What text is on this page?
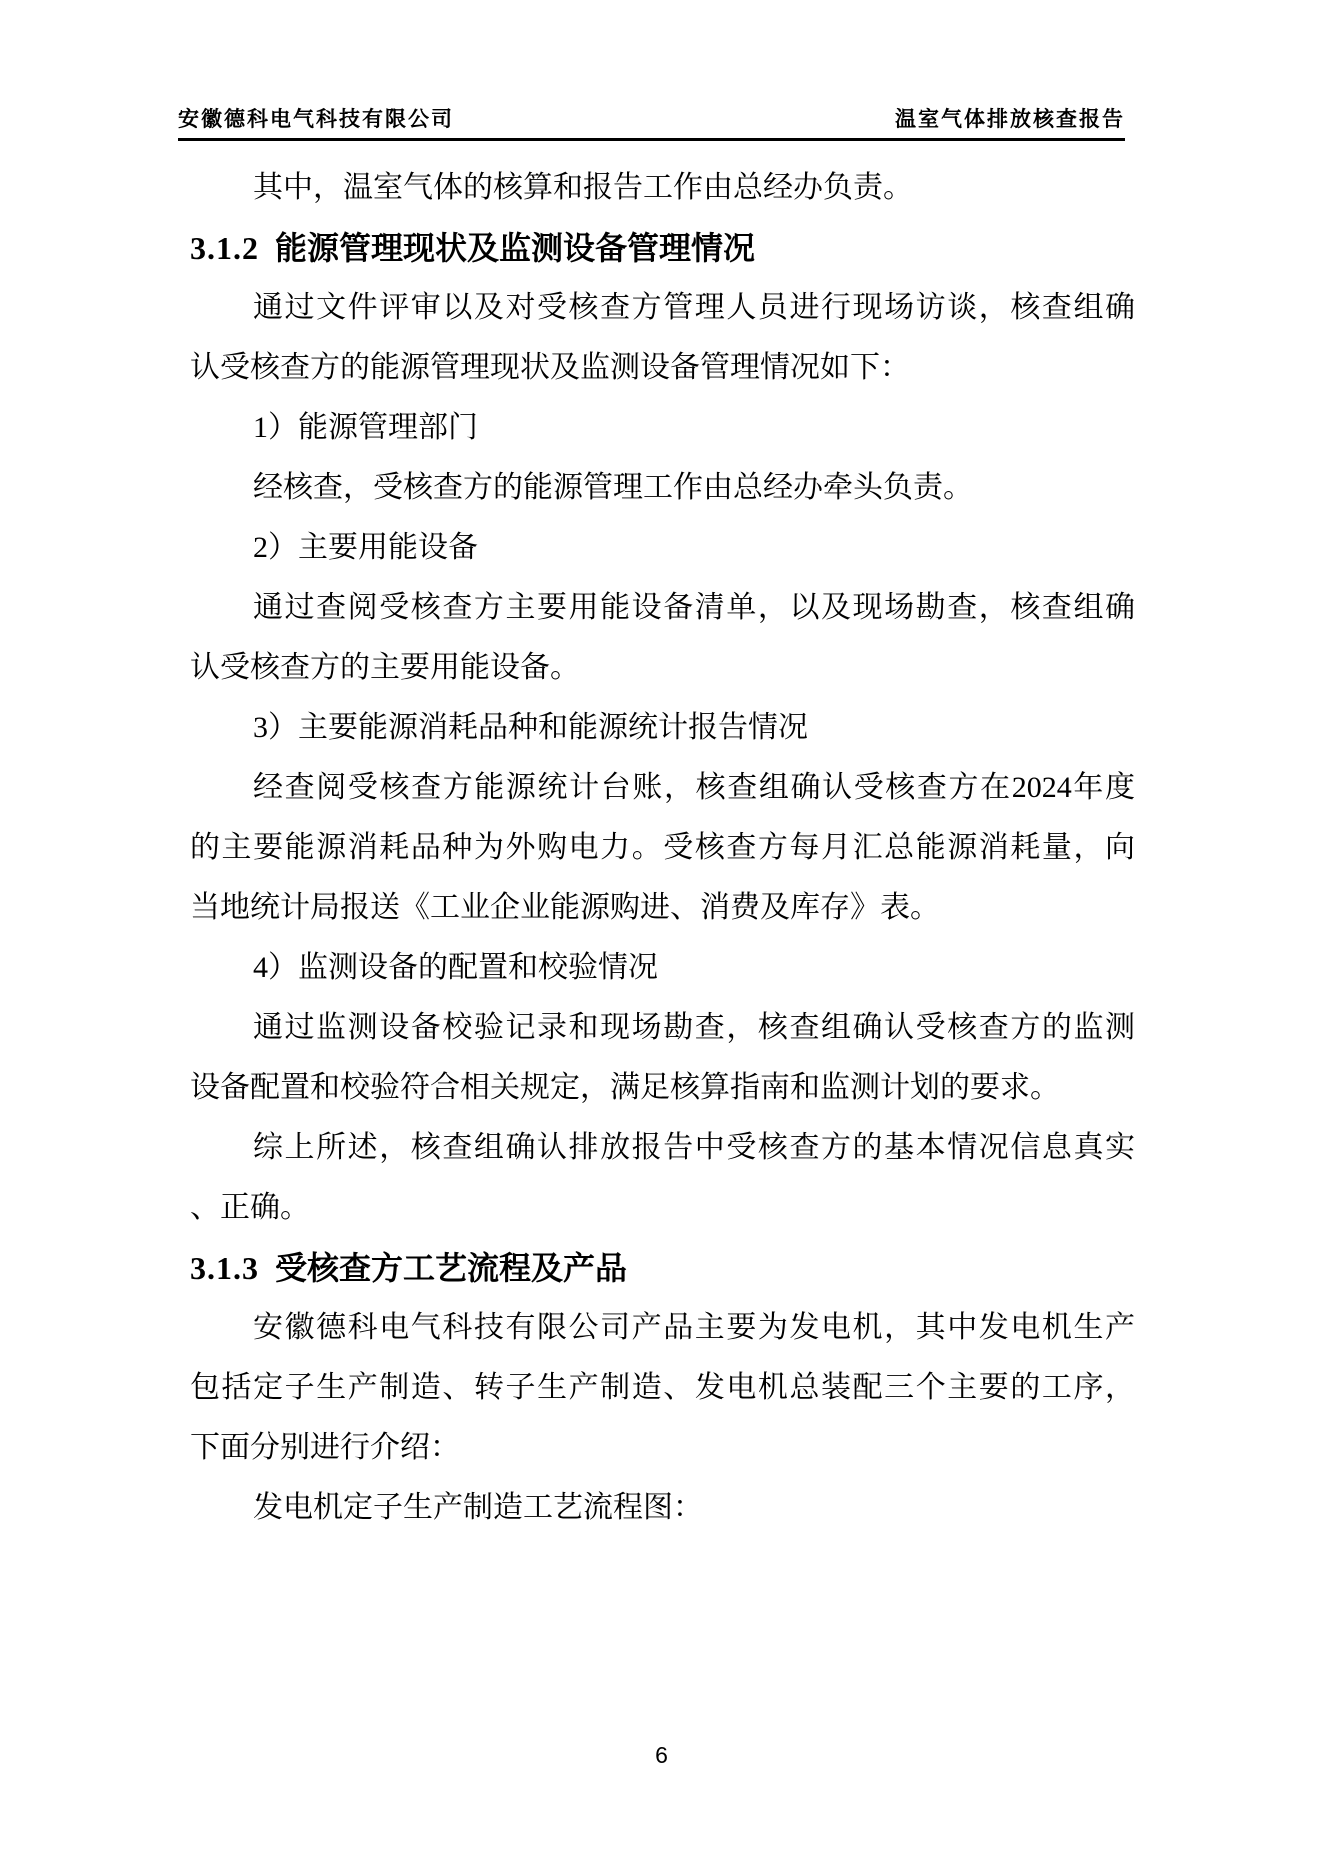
安徽德科电气科技有限公司	温室气体排放核查报告
其中，温室气体的核算和报告工作由总经办负责。
3.1.2 能源管理现状及监测设备管理情况
通过文件评审以及对受核查方管理人员进行现场访谈，核查组确
认受核查方的能源管理现状及监测设备管理情况如下：
1）能源管理部门
经核查，受核查方的能源管理工作由总经办牵头负责。
2）主要用能设备
通过查阅受核查方主要用能设备清单，以及现场勘查，核查组确
认受核查方的主要用能设备。
3）主要能源消耗品种和能源统计报告情况
经查阅受核查方能源统计台账，核查组确认受核查方在2024年度
的主要能源消耗品种为外购电力。受核查方每月汇总能源消耗量，向
当地统计局报送《工业企业能源购进、消费及库存》表。
4）监测设备的配置和校验情况
通过监测设备校验记录和现场勘查，核查组确认受核查方的监测
设备配置和校验符合相关规定，满足核算指南和监测计划的要求。
综上所述，核查组确认排放报告中受核查方的基本情况信息真实
、正确。
3.1.3 受核查方工艺流程及产品
安徽德科电气科技有限公司产品主要为发电机，其中发电机生产
包括定子生产制造、转子生产制造、发电机总装配三个主要的工序，
下面分别进行介绍：
发电机定子生产制造工艺流程图：
6
